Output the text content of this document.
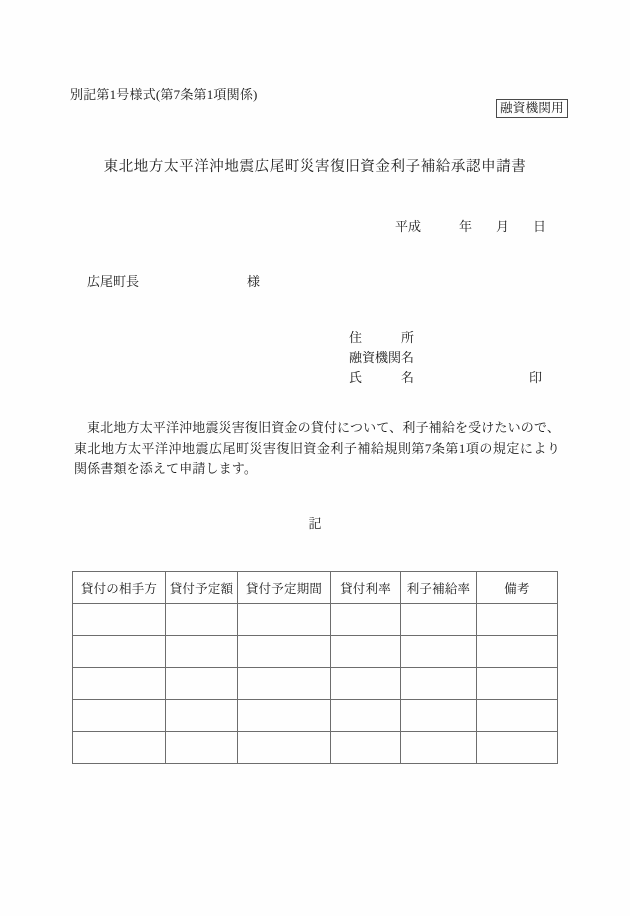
別記第1号様式(第7条第1項関係)
融資機関用
東北地方太平洋沖地震広尾町災害復旧資金利子補給承認申請書
平成	年 月 日
広尾町長	様
住　　　所
融資機関名
氏　　　名	印
東北地方太平洋沖地震災害復旧資金の貸付について、利子補給を受けたいので、東北地方太平洋沖地震広尾町災害復旧資金利子補給規則第7条第1項の規定により関係書類を添えて申請します。
記
貸付の相手方	貸付予定額	貸付予定期間	貸付利率	利子補給率	備考
